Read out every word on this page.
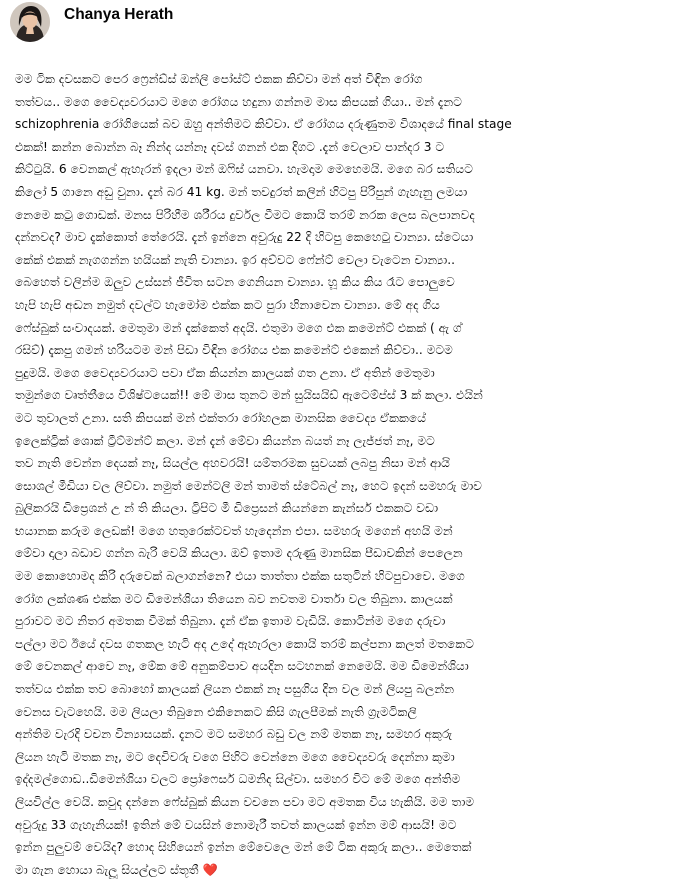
Chanya Herath

මම ටික දවසකට පෙර ෆ්‍රෙන්ඩ්ස් ඔන්ලි පෝස්ට් එකක කිව්වා මන් අත් විඳින රෝග

තත්වය.. මගෙ වෛද්‍යවරයාට මගෙ රෝගය හදුනා ගන්නම මාස කිපයක් ගියා.. මන් දැනට

schizophrenia රෝගියෙක් බව ඔහු අන්තිමට කිව්වා. ඒ රෝගය දරුණුතම විශාදයේ final stage

එකක්! කන්න බොන්න බෑ නින්ද යන්නෑ දවස් ගනන් එක දිගට .දැන් වෙලාව පාන්දර 3 ට

කිට්ටුයි. 6 වෙනකල් ඇහැරන් ඉදලා මන් ඔෆිස් යනවා. හැමදාම මෙහෙමයි. මගෙ බර සතියට

කිලෝ 5 ගානෙ අඩු වුනා. දැන් බර 41 kg. මන් තවදුරත් කලින් හිටපු පිරිපුන් ගැහැනු ලමයා

නෙමෙ කටු ගොඩක්. මනස පිරිහීම ශරීරය දුර්වල වීමට කොයි තරම් නරක ලෙස බලපානවද

දන්නවද? මාව දැක්කොත් තේරෙයි. දැන් ඉන්නෙ අවුරුදු 22 දි හිටපු කෙහෙටු චාන්‍යා. ස්ටෙයා

කේක් එකක් නැගගන්න හයියක් නැති චාන්‍යා. ඉර අව්වට ෆේන්ට් වෙලා වැටෙන චාන්‍යා..

බෙහෙත් වලින්ම ඔලුව උස්සන් ජීවිත සටන ගෙනියන චාන්‍යා. හූ කිය කිය රෑට පොලුවෙ

හැපි හැපි අඬන නමුත් දවල්ට හැමෝම එක්ක කට පුරා හිනාවෙන චාන්‍යා. මේ අද ගිය

ෆේස්බුක් සංවාදයක්. මෙතුමා මන් දැක්කෙත් අදයි. එතුමා මගෙ එක කමෙන්ට් එකක් ( ඇ ග්

රසිව්) දැකපු ගමන් හරියටම මන් පිඩා විඳින රෝගය එක කමෙන්ට් එකෙන් කිව්වා.. මටම

පුදුමයි. මගෙ වෛද්‍යවරයාට පවා ඒක කියන්න කාලයක් ගත උනා. ඒ අතින් මෙතුමා

තමුන්ගෙ වෘත්තීයෙ විශිෂ්ටයෙක්!! මේ මාස තුනට මන් සුයිසයිඩ් ඇටෙම්ප්ස් 3 ක් කලා. එයින්

මට තුවාලත් උනා. සති කිපයක් මන් එක්තරා රෝහලක මානසික වෛද්‍ය ඒකකයේ

ඉලෙක්ට්‍රික් ශොක් ට්‍රීට්මන්ට් කලා. මන් දැන් මේවා කියන්න බයත් නෑ ලැජ්ජත් නෑ, මට

තව නැති වෙන්න දෙයක් නෑ, සියල්ල අහවරයි! යම්තරමක සුවයක් ලබපු නිසා මන් ආයි

සොශල් මීඩියා වල ලිව්වා. නමුත් මෙන්ටලි මන් තාමත් ස්ටේබල් නෑ, හෙට ඉදන් සමහරු මාව

බුලිකරයි ඩිප්‍රෙශන් උ න් ති කියලා. ට්‍රිපිට මී ඩිප්‍රෙසන් කියන්නෙ කැන්සර් එකකට වඩා

භයානක කරුම ලෙඩක්! මගෙ හතුරෙක්ටවත් හැදෙන්න එපා. සමහරු මගෙන් අහයි මන්

මේවා දාලා බඩාව ගන්න බැරි වෙයි කියලා. ඔව් ඉතාම දරුණු මානසික පීඩාවකින් පෙලෙන

මම කොහොමද කිරි දරුවෙක් බලාගන්නෙ? එයා තාත්තා එක්ක සතුටින් හිටපුවාවෙ. මගෙ

රෝග ලක්ශණ එක්ක මට ඩිමෙන්ශියා තියෙන බව නවතම වාර්තා වල තිබුනා. කාලයක්

පුරාවට මට නිතර අමතක වීමක් තිබුනා. දැන් ඒක ඉතාම වැඩියි. කොටින්ම මගෙ දරුවා

පල්ලා මට ඊයේ දවස ගතකල හැටි අද උදේ ඇහැරලා කොයි තරම් කල්පනා කලත් මතකෙට

මේ වෙනකල් ආවෙ නෑ, මේක මේ අනුකම්පාව අයදින සටහනක් නෙමෙයි. මම ඩිමෙන්ශියා

තත්වය එක්ක තව බොහෝ කාලයක් ලියන එකක් නෑ පසුගිය දින වල මන් ලියපු බලන්න

වෙනස වැටහෙයි. මම ලියලා තිබුනෙ එකිනෙකට කිසි ගැලපීමක් නැති ග්‍රැමටිකලි

අන්තිම වැරදි වචන වින්‍යාසයක්. දැනට මට සමහර බඩු වල නම් මතක නෑ, සමහර අකුරු

ලියන හැටි මතක නෑ, මට දෙවිවරු වගෙ පිහිට වෙන්නෙ මගෙ වෛද්‍යවරු දෙන්නා කුමා

ඉද්දමල්ගොඩ..ඩිමෙන්ශියා වලට ප්‍රෝෆෙසර් ධමනිද සිල්වා. සමහර විට මේ මගෙ අන්තිම

ලියවිල්ල වෙයි. කවුද දන්නෙ ෆේස්බුක් කියන වචනෙ පවා මට අමතක විය හැකියි. මම තාම

අවුරුදු 33 ගැහැනියක්! ඉතින් මේ වයසින් නොමැරී තවත් කාලයක් ඉන්න මම් ආසයි! මට

ඉන්න පුලුවම් වෙයිද? හොද සිහියෙන් ඉන්න මේවෙලෙ මන් මේ ටික අකුරු කලා.. මෙතෙක්

මා ගැන හොයා බැලූ සියල්ලට ස්තූතී ❤️
